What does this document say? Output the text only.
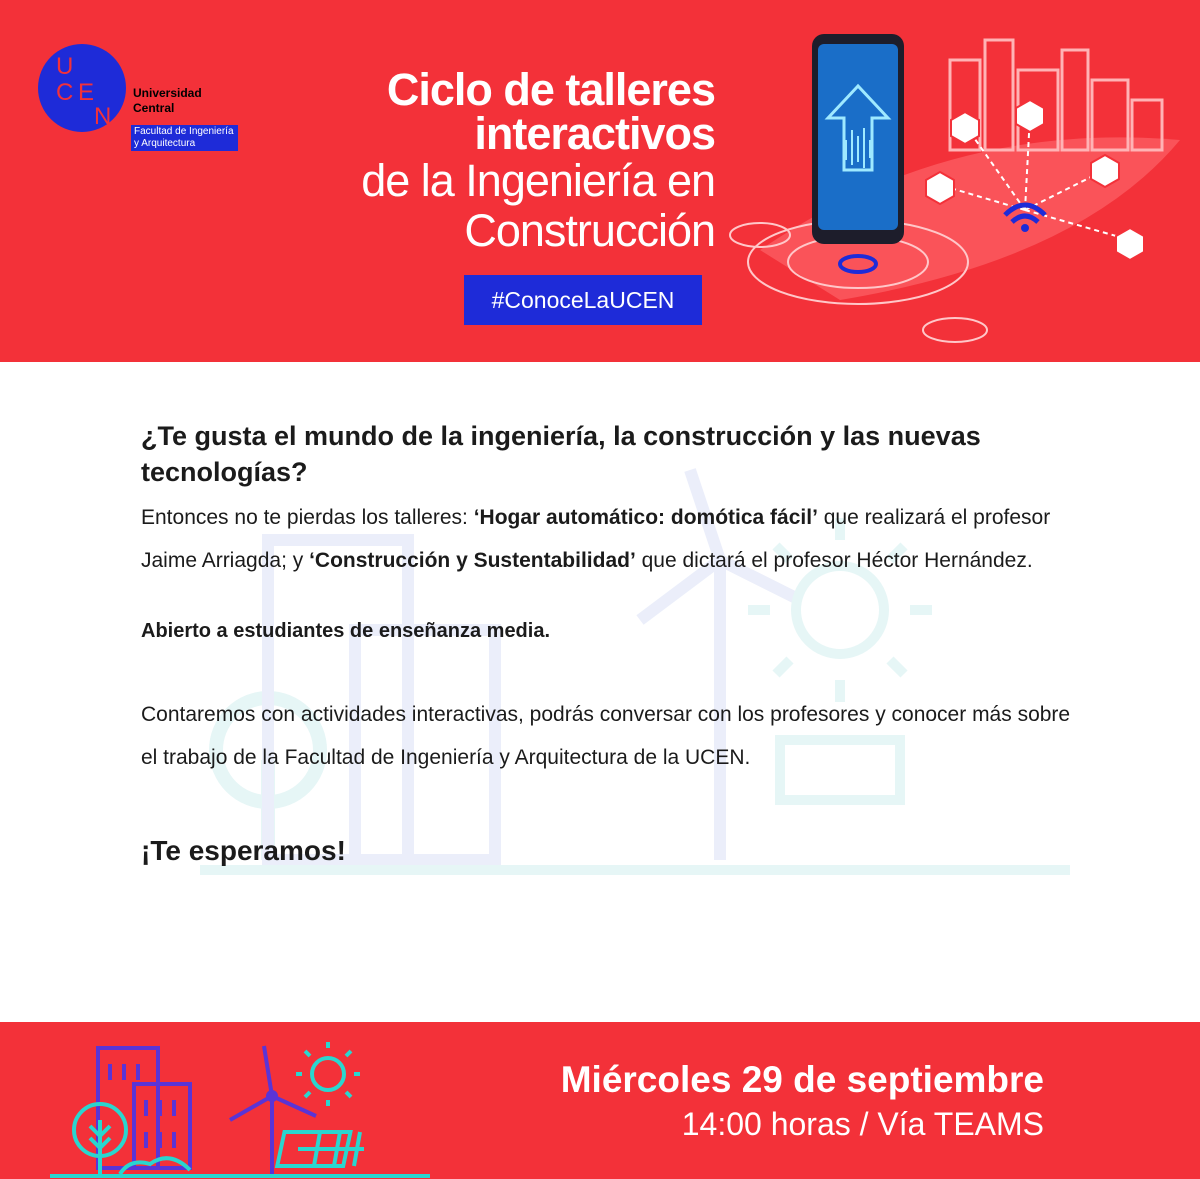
U
C E
N
Universidad Central
Facultad de Ingeniería
y Arquitectura
Ciclo de talleres
interactivos
de la Ingeniería en
Construcción
#ConoceLaUCEN

¿Te gusta el mundo de la ingeniería, la construcción y las nuevas tecnologías?

Entonces no te pierdas los talleres: ‘Hogar automático: domótica fácil’ que realizará el profesor Jaime Arriagda; y ‘Construcción y Sustentabilidad’ que dictará el profesor Héctor Hernández.

Abierto a estudiantes de enseñanza media.

Contaremos con actividades interactivas, podrás conversar con los profesores y conocer más sobre el trabajo de la Facultad de Ingeniería y Arquitectura de la UCEN.

¡Te esperamos!

Miércoles 29 de septiembre
14:00 horas / Vía TEAMS
